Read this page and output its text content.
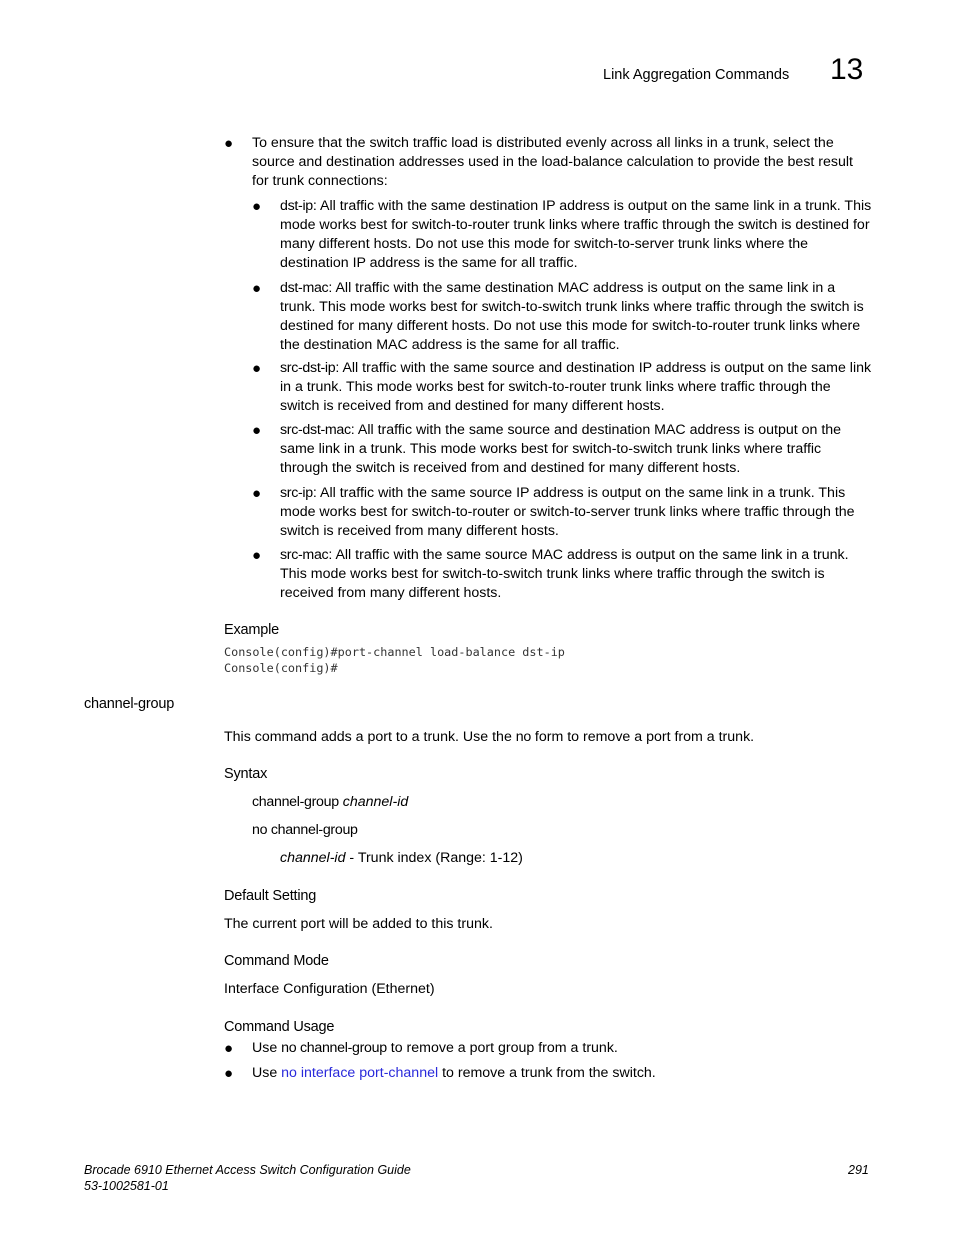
Link Aggregation Commands 13
● To ensure that the switch traffic load is distributed evenly across all links in a trunk, select the source and destination addresses used in the load-balance calculation to provide the best result for trunk connections:
● dst-ip: All traffic with the same destination IP address is output on the same link in a trunk. This mode works best for switch-to-router trunk links where traffic through the switch is destined for many different hosts. Do not use this mode for switch-to-server trunk links where the destination IP address is the same for all traffic.
● dst-mac: All traffic with the same destination MAC address is output on the same link in a trunk. This mode works best for switch-to-switch trunk links where traffic through the switch is destined for many different hosts. Do not use this mode for switch-to-router trunk links where the destination MAC address is the same for all traffic.
● src-dst-ip: All traffic with the same source and destination IP address is output on the same link in a trunk. This mode works best for switch-to-router trunk links where traffic through the switch is received from and destined for many different hosts.
● src-dst-mac: All traffic with the same source and destination MAC address is output on the same link in a trunk. This mode works best for switch-to-switch trunk links where traffic through the switch is received from and destined for many different hosts.
● src-ip: All traffic with the same source IP address is output on the same link in a trunk. This mode works best for switch-to-router or switch-to-server trunk links where traffic through the switch is received from many different hosts.
● src-mac: All traffic with the same source MAC address is output on the same link in a trunk. This mode works best for switch-to-switch trunk links where traffic through the switch is received from many different hosts.
Example
Console(config)#port-channel load-balance dst-ip
Console(config)#
channel-group
This command adds a port to a trunk. Use the no form to remove a port from a trunk.
Syntax
channel-group channel-id
no channel-group
channel-id - Trunk index (Range: 1-12)
Default Setting
The current port will be added to this trunk.
Command Mode
Interface Configuration (Ethernet)
Command Usage
● Use no channel-group to remove a port group from a trunk.
● Use no interface port-channel to remove a trunk from the switch.
Brocade 6910 Ethernet Access Switch Configuration Guide
53-1002581-01
291
